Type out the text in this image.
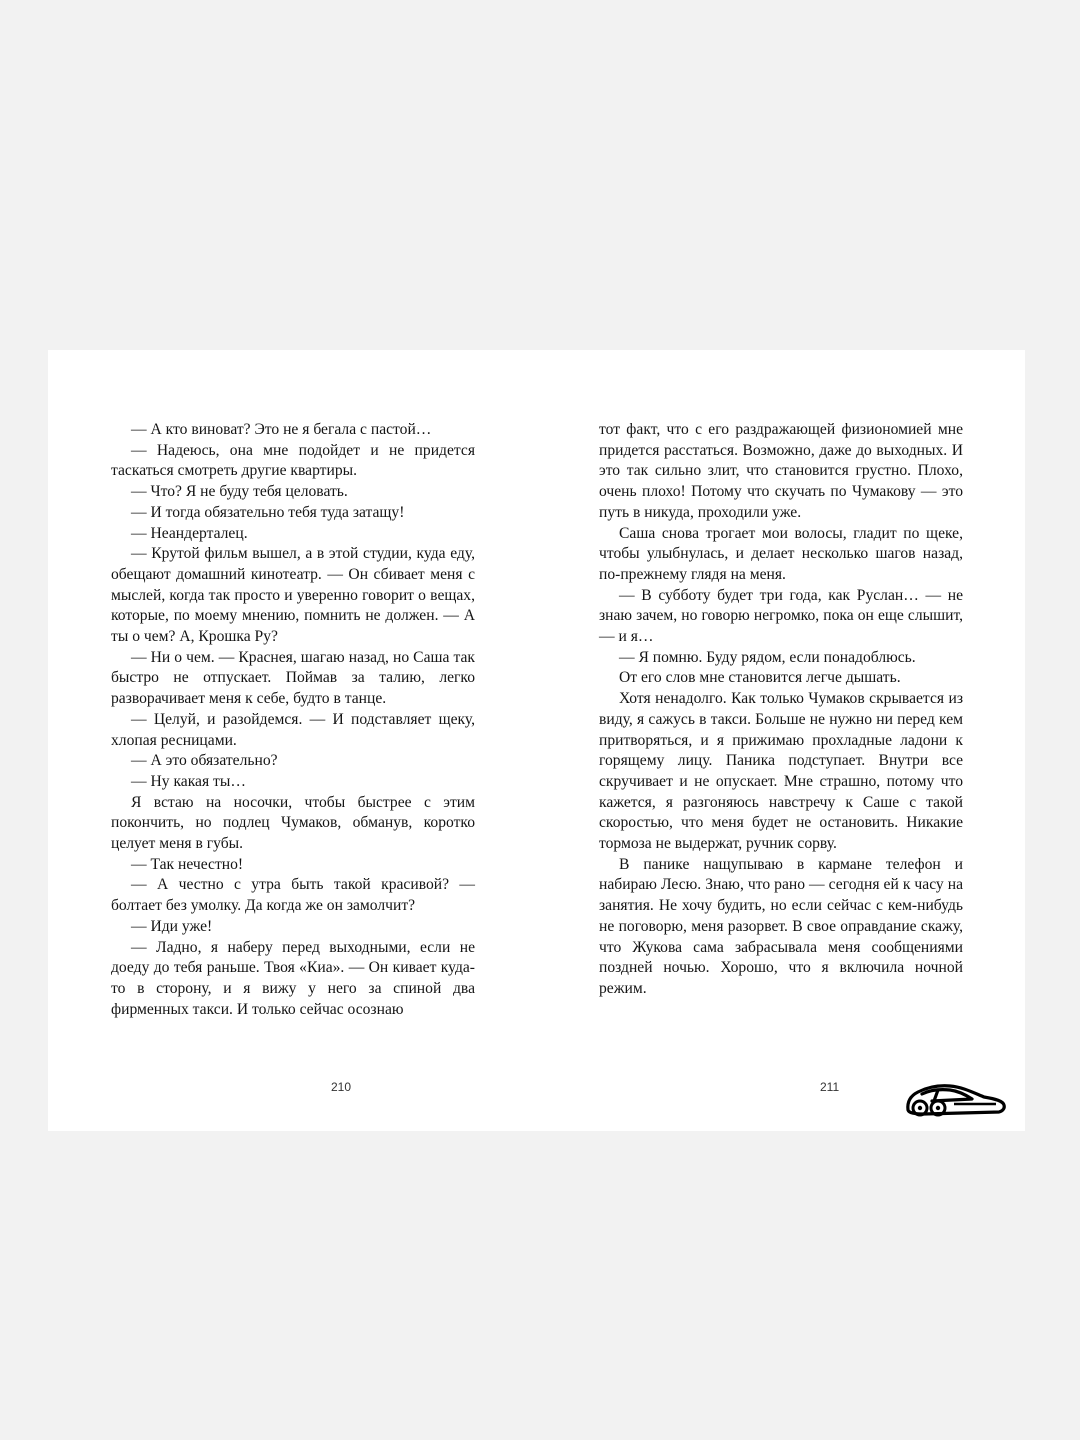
— А кто виноват? Это не я бегала с пастой…

— Надеюсь, она мне подойдет и не придется таскаться смотреть другие квартиры.

— Что? Я не буду тебя целовать.

— И тогда обязательно тебя туда затащу!

— Неандерталец.

— Крутой фильм вышел, а в этой студии, куда еду, обещают домашний кинотеатр. — Он сбивает меня с мыслей, когда так просто и уверенно говорит о вещах, которые, по моему мнению, помнить не должен. — А ты о чем? А, Крошка Ру?

— Ни о чем. — Краснея, шагаю назад, но Саша так быстро не отпускает. Поймав за талию, легко разворачивает меня к себе, будто в танце.

— Целуй, и разойдемся. — И подставляет щеку, хлопая ресницами.

— А это обязательно?

— Ну какая ты…

Я встаю на носочки, чтобы быстрее с этим покончить, но подлец Чумаков, обманув, коротко целует меня в губы.

— Так нечестно!

— А честно с утра быть такой красивой? — болтает без умолку. Да когда же он замолчит?

— Иди уже!

— Ладно, я наберу перед выходными, если не доеду до тебя раньше. Твоя «Киа». — Он кивает куда-то в сторону, и я вижу у него за спиной два фирменных такси. И только сейчас осознаю

тот факт, что с его раздражающей физиономией мне придется расстаться. Возможно, даже до выходных. И это так сильно злит, что становится грустно. Плохо, очень плохо! Потому что скучать по Чумакову — это путь в никуда, проходили уже.

Саша снова трогает мои волосы, гладит по щеке, чтобы улыбнулась, и делает несколько шагов назад, по-прежнему глядя на меня.

— В субботу будет три года, как Руслан… — не знаю зачем, но говорю негромко, пока он еще слышит, — и я…

— Я помню. Буду рядом, если понадоблюсь.

От его слов мне становится легче дышать.

Хотя ненадолго. Как только Чумаков скрывается из виду, я сажусь в такси. Больше не нужно ни перед кем притворяться, и я прижимаю прохладные ладони к горящему лицу. Паника подступает. Внутри все скручивает и не опускает. Мне страшно, потому что кажется, я разгоняюсь навстречу к Саше с такой скоростью, что меня будет не остановить. Никакие тормоза не выдержат, ручник сорву.

В панике нащупываю в кармане телефон и набираю Лесю. Знаю, что рано — сегодня ей к часу на занятия. Не хочу будить, но если сейчас с кем-нибудь не поговорю, меня разорвет. В свое оправдание скажу, что Жукова сама забрасывала меня сообщениями поздней ночью. Хорошо, что я включила ночной режим.

210	211
